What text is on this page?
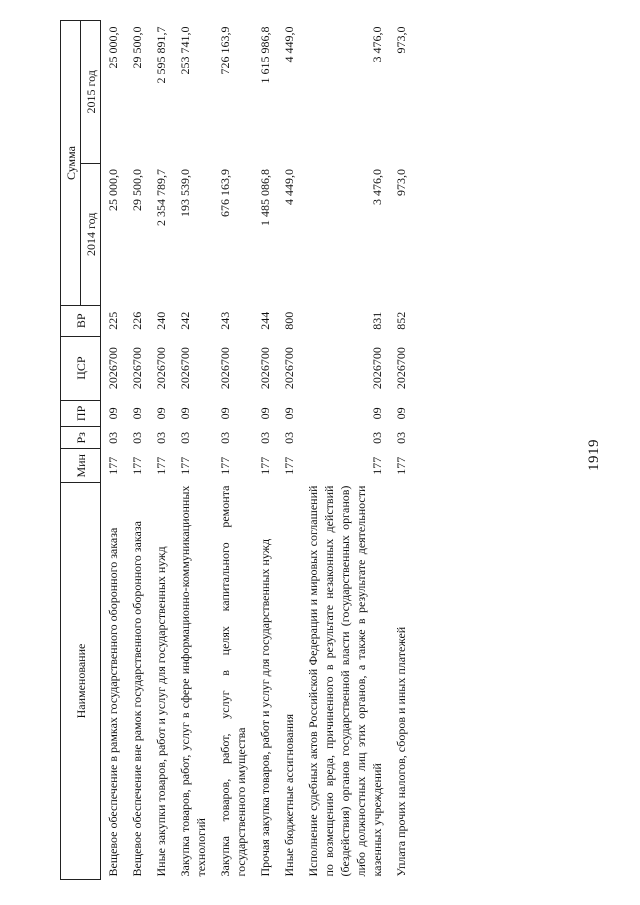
1919
Наименование	Мин	Рз	ПР	ЦСР	ВР	Сумма	
						2014 год	2015 год
Вещевое обеспечение в рамках государственного оборонного заказа	177	03	09	2026700	225	25 000,0	25 000,0
Вещевое обеспечение вне рамок государственного оборонного заказа	177	03	09	2026700	226	29 500,0	29 500,0
Иные закупки товаров, работ и услуг для государственных нужд	177	03	09	2026700	240	2 354 789,7	2 595 891,7
Закупка товаров, работ, услуг в сфере информационно-коммуникационных технологий	177	03	09	2026700	242	193 539,0	253 741,0
Закупка товаров, работ, услуг в целях капитального ремонта государственного имущества	177	03	09	2026700	243	676 163,9	726 163,9
Прочая закупка товаров, работ и услуг для государственных нужд	177	03	09	2026700	244	1 485 086,8	1 615 986,8
Иные бюджетные ассигнования	177	03	09	2026700	800	4 449,0	4 449,0
Исполнение судебных актов Российской Федерации и мировых соглашений по возмещению вреда, причиненного в результате незаконных действий (бездействия) органов государственной власти (государственных органов) либо должностных лиц этих органов, а также в результате деятельности казенных учреждений	177	03	09	2026700	831	3 476,0	3 476,0
Уплата прочих налогов, сборов и иных платежей	177	03	09	2026700	852	973,0	973,0
